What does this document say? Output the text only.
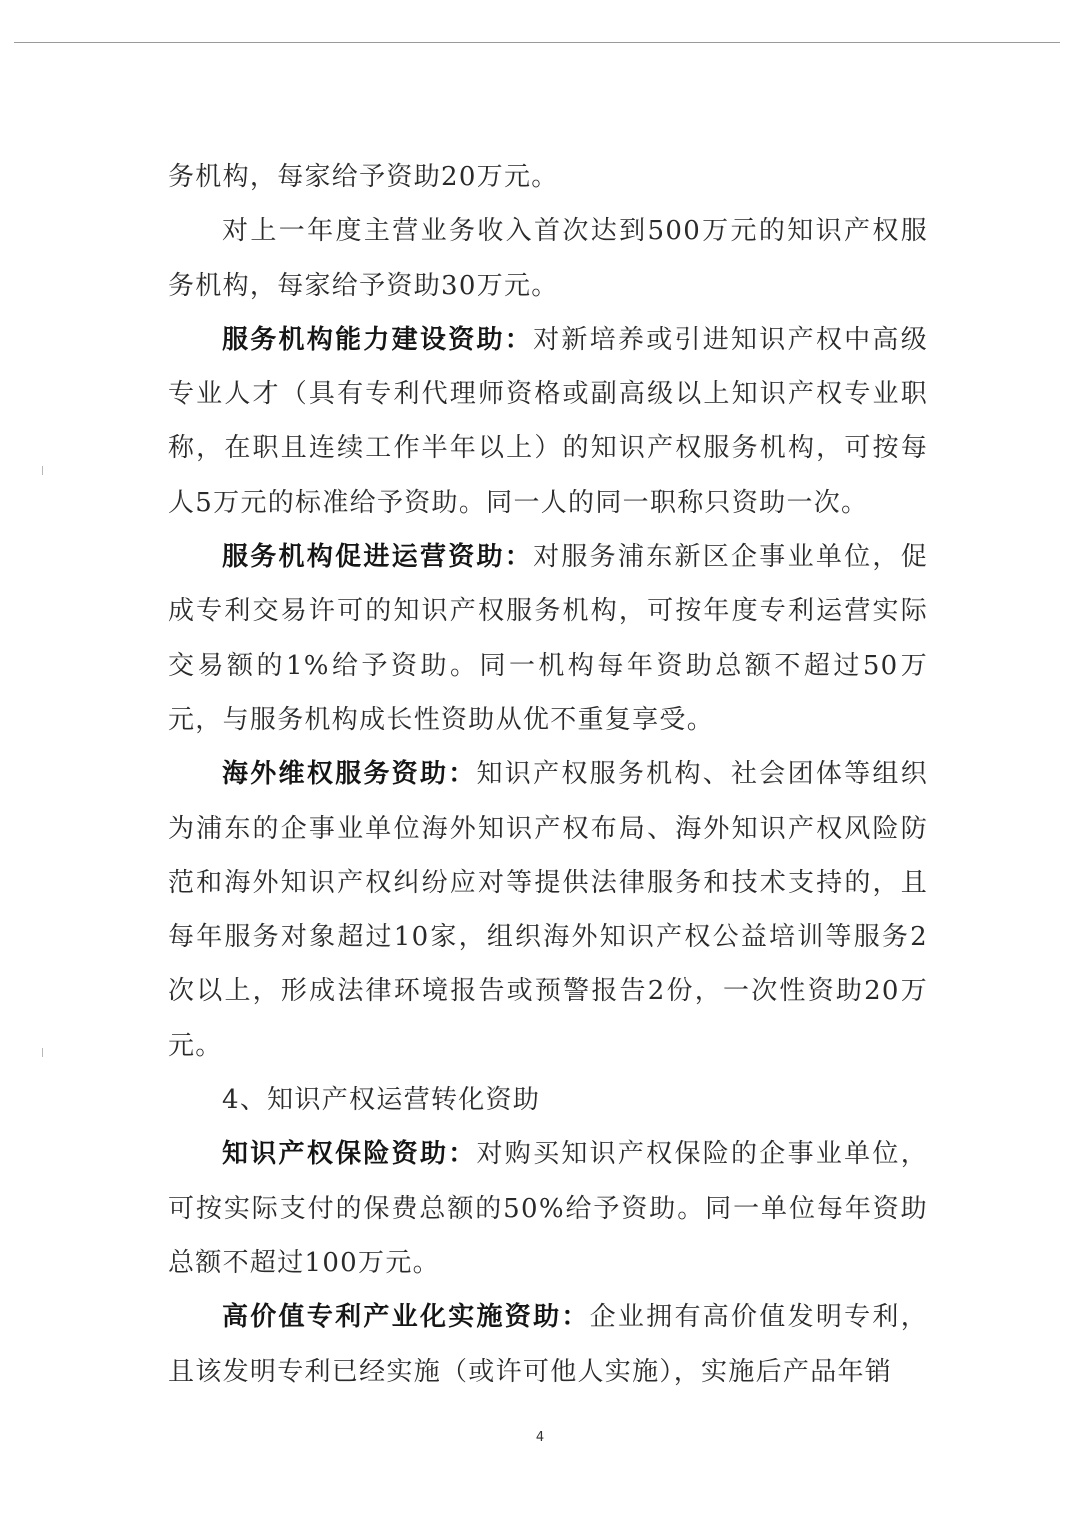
务机构，每家给予资助20万元。

对上一年度主营业务收入首次达到500万元的知识产权服务机构，每家给予资助30万元。

服务机构能力建设资助：对新培养或引进知识产权中高级专业人才（具有专利代理师资格或副高级以上知识产权专业职称，在职且连续工作半年以上）的知识产权服务机构，可按每人5万元的标准给予资助。同一人的同一职称只资助一次。

服务机构促进运营资助：对服务浦东新区企事业单位，促成专利交易许可的知识产权服务机构，可按年度专利运营实际交易额的1%给予资助。同一机构每年资助总额不超过50万元，与服务机构成长性资助从优不重复享受。

海外维权服务资助：知识产权服务机构、社会团体等组织为浦东的企事业单位海外知识产权布局、海外知识产权风险防范和海外知识产权纠纷应对等提供法律服务和技术支持的，且每年服务对象超过10家，组织海外知识产权公益培训等服务2次以上，形成法律环境报告或预警报告2份，一次性资助20万元。

4、知识产权运营转化资助

知识产权保险资助：对购买知识产权保险的企事业单位，可按实际支付的保费总额的50%给予资助。同一单位每年资助总额不超过100万元。

高价值专利产业化实施资助：企业拥有高价值发明专利，且该发明专利已经实施（或许可他人实施），实施后产品年销

4
